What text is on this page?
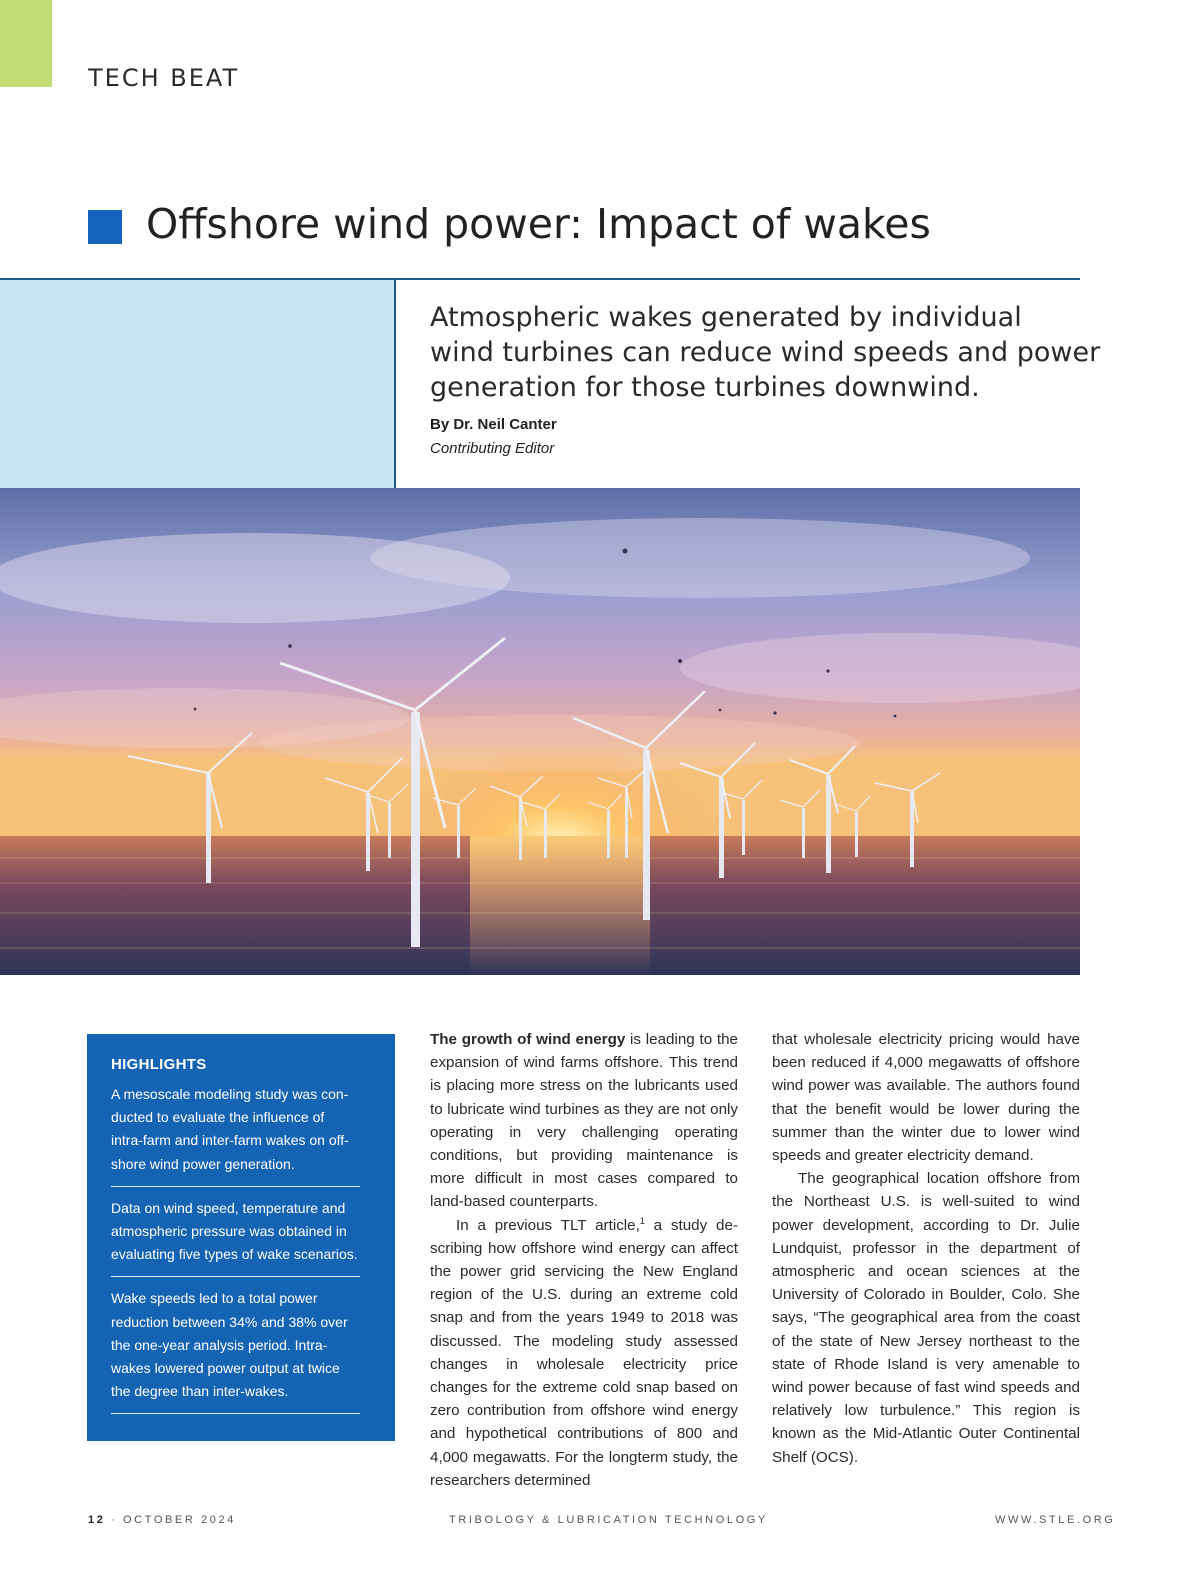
TECH BEAT
Offshore wind power: Impact of wakes
Atmospheric wakes generated by individual
wind turbines can reduce wind speeds and power
generation for those turbines downwind.
By Dr. Neil Canter
Contributing Editor
HIGHLIGHTS
A mesoscale modeling study was conducted to evaluate the influence of intra-farm and inter-farm wakes on offshore wind power generation.
Data on wind speed, temperature and atmospheric pressure was obtained in evaluating five types of wake scenarios.
Wake speeds led to a total power reduction between 34% and 38% over the one-year analysis period. Intra-wakes lowered power output at twice the degree than inter-wakes.

The growth of wind energy is leading to the expansion of wind farms offshore. This trend is placing more stress on the lubricants used to lubricate wind turbines as they are not only operating in very challenging operating conditions, but providing maintenance is more difficult in most cases compared to land-based counterparts.

In a previous TLT article,$^1$ a study describing how offshore wind energy can affect the power grid servicing the New England region of the U.S. during an extreme cold snap and from the years 1949 to 2018 was discussed. The modeling study assessed changes in wholesale electricity price changes for the extreme cold snap based on zero contribution from offshore wind energy and hypothetical contributions of 800 and 4,000 megawatts. For the longterm study, the researchers determined

that wholesale electricity pricing would have been reduced if 4,000 megawatts of offshore wind power was available. The authors found that the benefit would be lower during the summer than the winter due to lower wind speeds and greater electricity demand.

The geographical location offshore from the Northeast U.S. is well-suited to wind power development, according to Dr. Julie Lundquist, professor in the department of atmospheric and ocean sciences at the University of Colorado in Boulder, Colo. She says, “The geographical area from the coast of the state of New Jersey northeast to the state of Rhode Island is very amenable to wind power because of fast wind speeds and relatively low turbulence.” This region is known as the Mid-Atlantic Outer Continental Shelf (OCS).

12 · OCTOBER 2024	TRIBOLOGY & LUBRICATION TECHNOLOGY	WWW.STLE.ORG
